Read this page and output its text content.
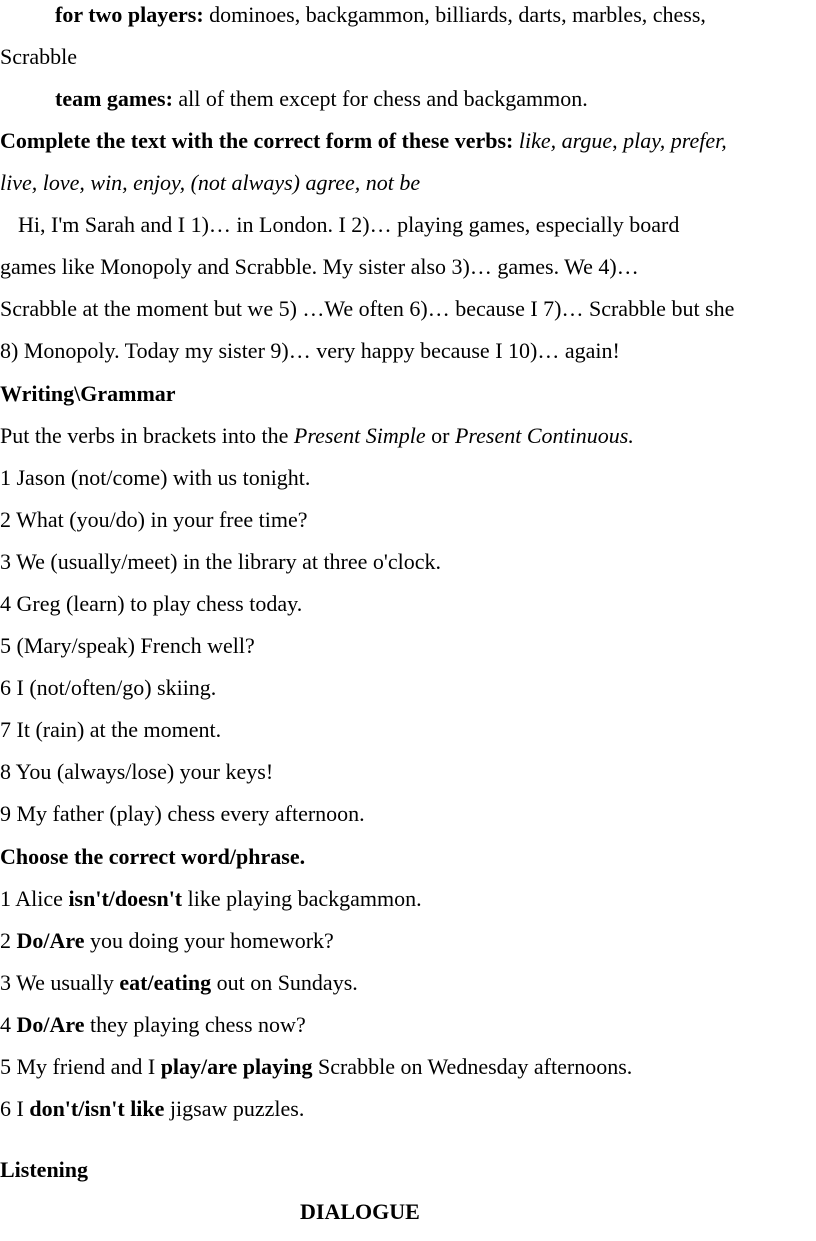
for two players: dominoes, backgammon, billiards, darts, marbles, chess,
Scrabble
team games: all of them except for chess and backgammon.
Complete the text with the correct form of these verbs: like, argue, play, prefer,
live, love, win, enjoy, (not always) agree, not be
Hi, I'm Sarah and I 1)… in London. I 2)… playing games, especially board
games like Monopoly and Scrabble. My sister also 3)… games. We 4)…
Scrabble at the moment but we 5) …We often 6)… because I 7)… Scrabble but she
8) Monopoly. Today my sister 9)… very happy because I 10)… again!
Writing\Grammar
Put the verbs in brackets into the Present Simple or Present Continuous.
1 Jason (not/come) with us tonight.
2 What (you/do) in your free time?
3 We (usually/meet) in the library at three o'clock.
4 Greg (learn) to play chess today.
5 (Mary/speak) French well?
6 I (not/often/go) skiing.
7 It (rain) at the moment.
8 You (always/lose) your keys!
9 My father (play) chess every afternoon.
Choose the correct word/phrase.
1 Alice isn't/doesn't like playing backgammon.
2 Do/Are you doing your homework?
3 We usually eat/eating out on Sundays.
4 Do/Are they playing chess now?
5 My friend and I play/are playing Scrabble on Wednesday afternoons.
6 I don't/isn't like jigsaw puzzles.
Listening
DIALOGUE
